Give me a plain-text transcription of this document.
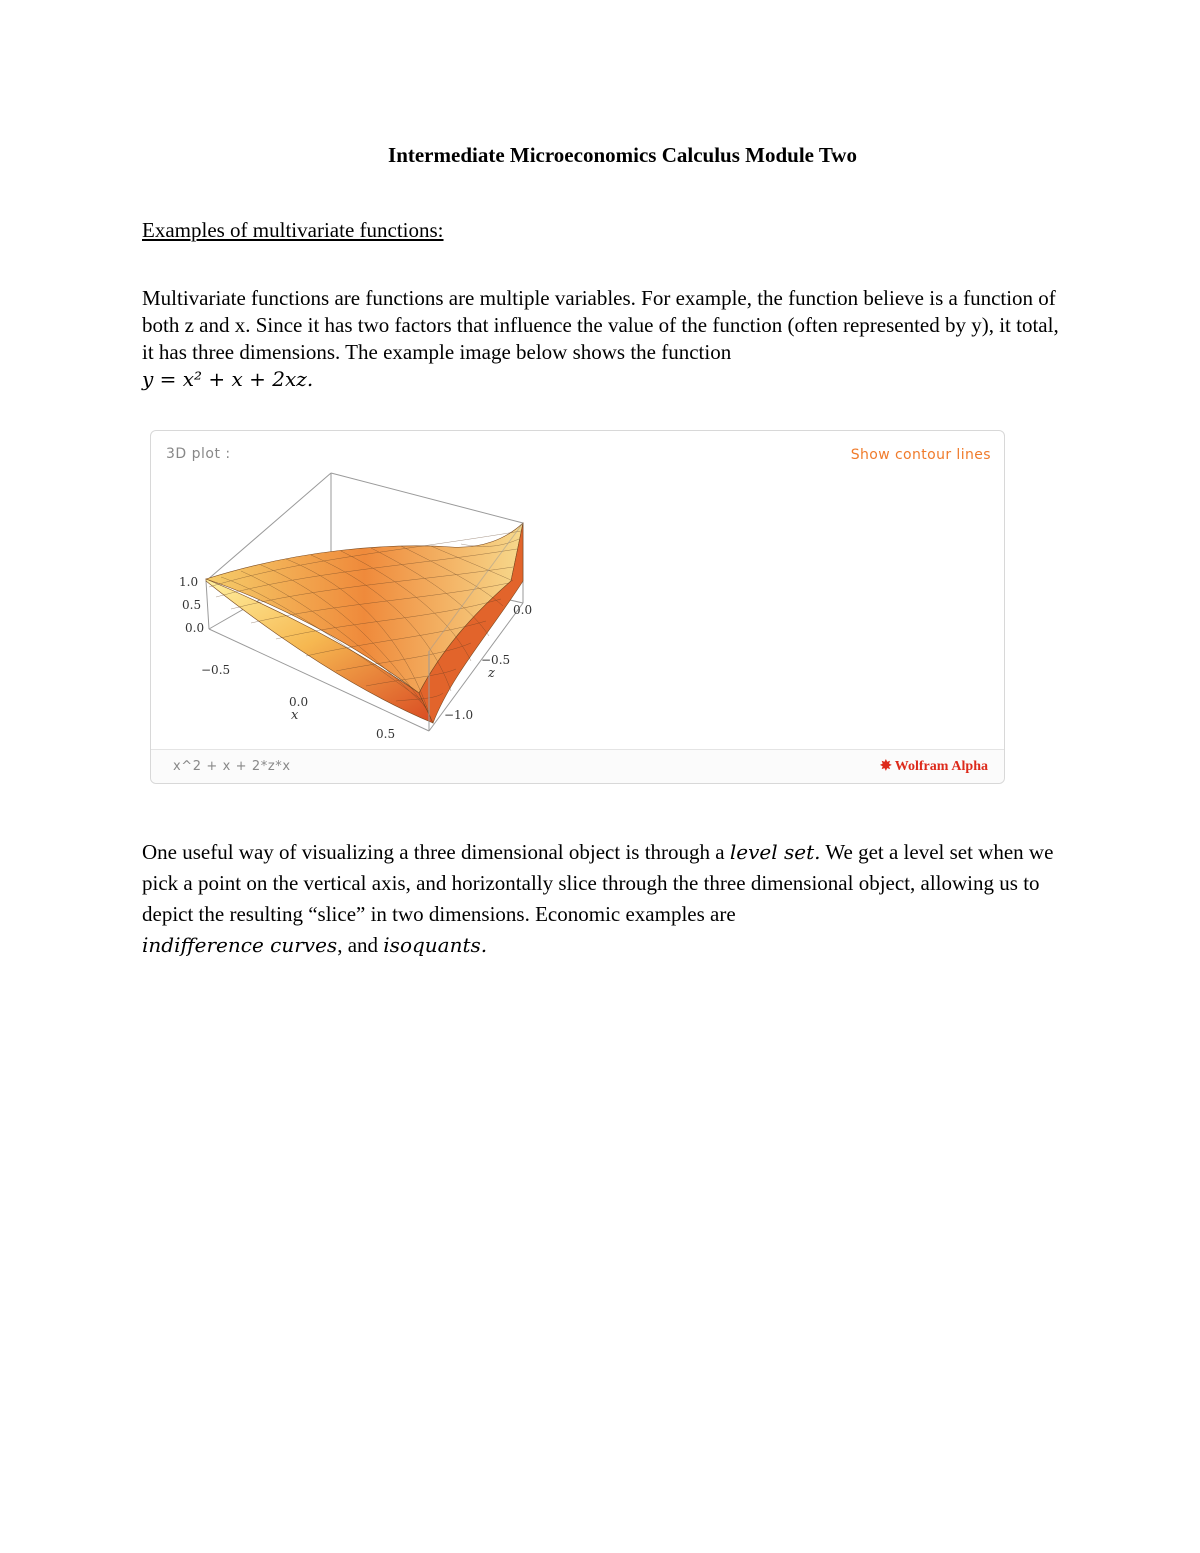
Intermediate Microeconomics Calculus Module Two
Examples of multivariate functions:
Multivariate functions are functions are multiple variables. For example, the function believe is a function of both z and x. Since it has two factors that influence the value of the function (often represented by y), it total, it has three dimensions. The example image below shows the function
y = x² + x + 2xz.
3D plot :	Show contour lines
1.0
0.5
0.0
−0.5
0.0
x
0.5
0.0
−0.5
z
−1.0
x^2 + x + 2*z*x	✸ Wolfram Alpha
One useful way of visualizing a three dimensional object is through a level set. We get a level set when we pick a point on the vertical axis, and horizontally slice through the three dimensional object, allowing us to depict the resulting “slice” in two dimensions. Economic examples are
indifference curves, and isoquants.
